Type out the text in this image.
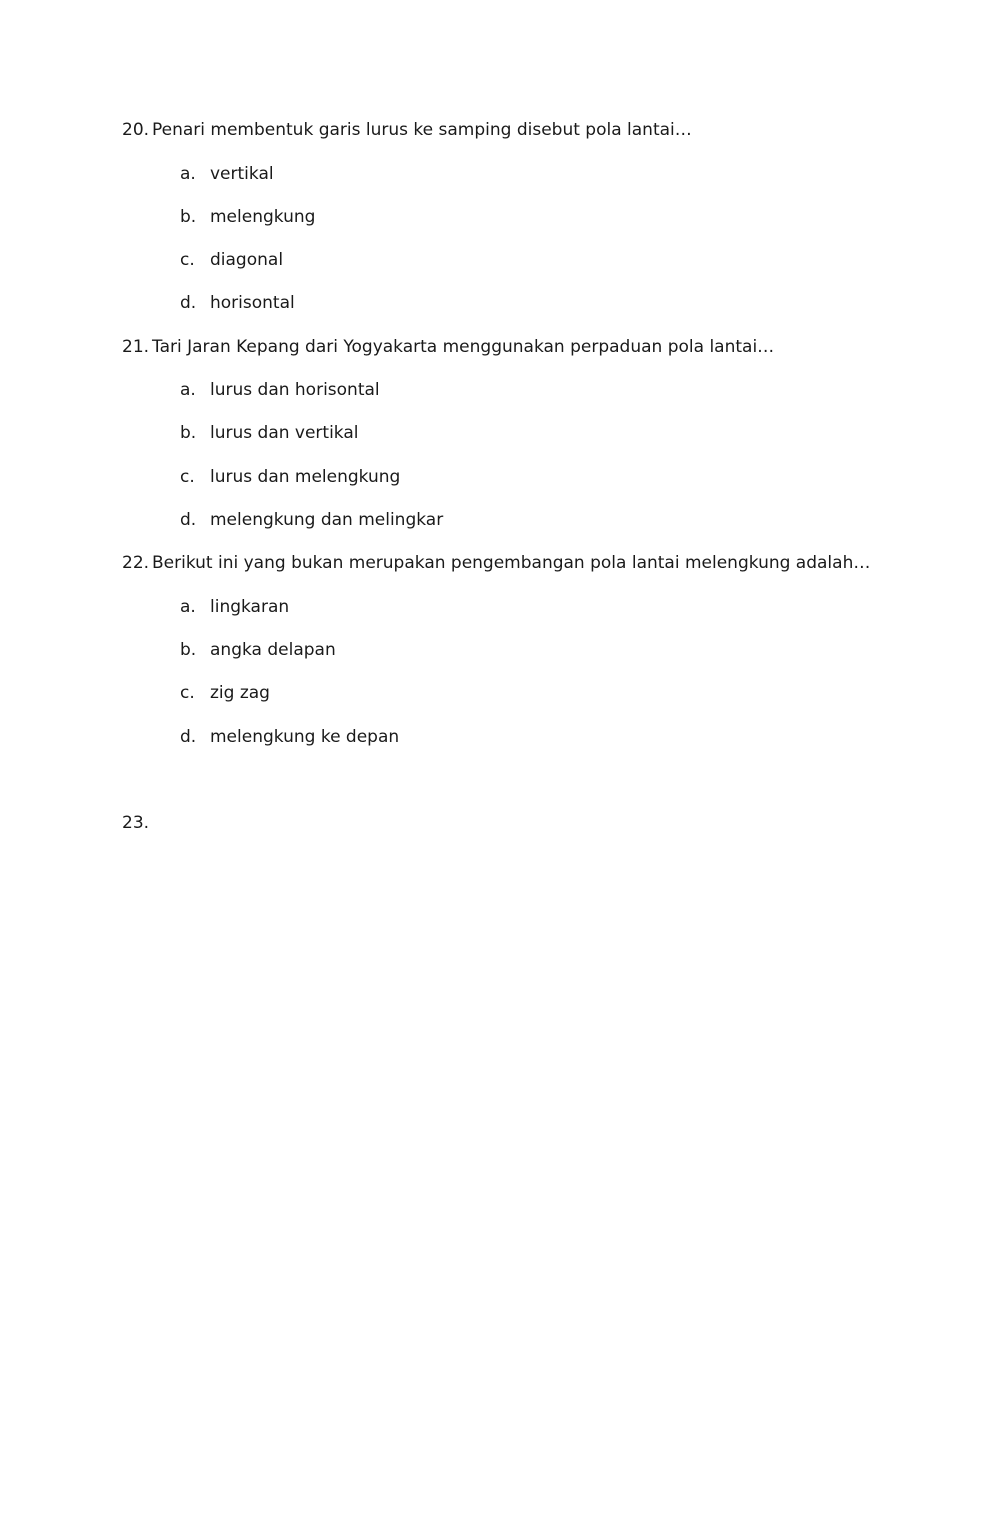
20. Penari membentuk garis lurus ke samping disebut pola lantai…
a. vertikal
b. melengkung
c. diagonal
d. horisontal
21. Tari Jaran Kepang dari Yogyakarta menggunakan perpaduan pola lantai…
a. lurus dan horisontal
b. lurus dan vertikal
c. lurus dan melengkung
d. melengkung dan melingkar
22. Berikut ini yang bukan merupakan pengembangan pola lantai melengkung adalah…
a. lingkaran
b. angka delapan
c. zig zag
d. melengkung ke depan
23.
